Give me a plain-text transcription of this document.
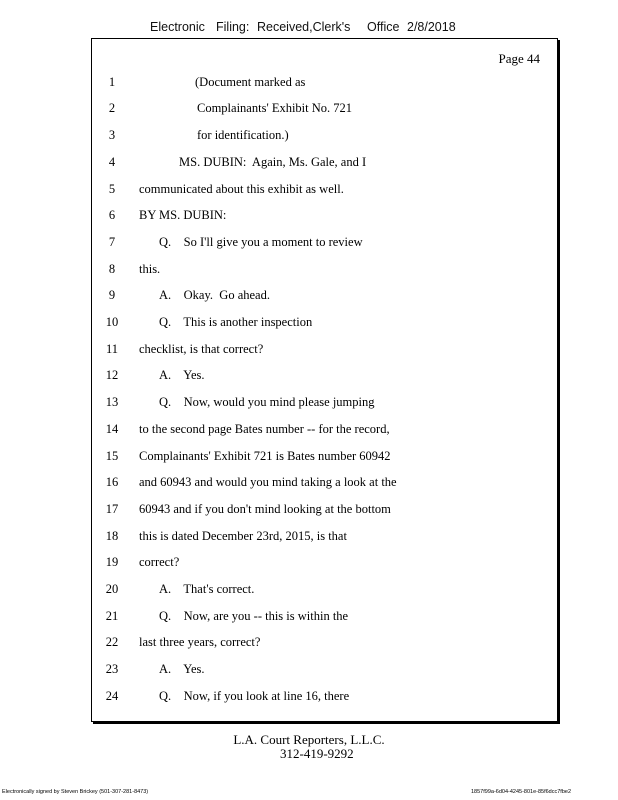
Electronic Filing: Received,Clerk's Office 2/8/2018
Page 44
1	(Document marked as
2	Complainants' Exhibit No. 721
3	for identification.)
4	MS. DUBIN:  Again, Ms. Gale, and I
5	communicated about this exhibit as well.
6	BY MS. DUBIN:
7	Q.    So I'll give you a moment to review
8	this.
9	A.    Okay.  Go ahead.
10	Q.    This is another inspection
11	checklist, is that correct?
12	A.    Yes.
13	Q.    Now, would you mind please jumping
14	to the second page Bates number -- for the record,
15	Complainants' Exhibit 721 is Bates number 60942
16	and 60943 and would you mind taking a look at the
17	60943 and if you don't mind looking at the bottom
18	this is dated December 23rd, 2015, is that
19	correct?
20	A.    That's correct.
21	Q.    Now, are you -- this is within the
22	last three years, correct?
23	A.    Yes.
24	Q.    Now, if you look at line 16, there
L.A. Court Reporters, L.L.C.
312-419-9292
Electronically signed by Steven Brickey (501-307-281-8473)	1857f99a-6d04-4245-801e-85f6dcc7fbe2
